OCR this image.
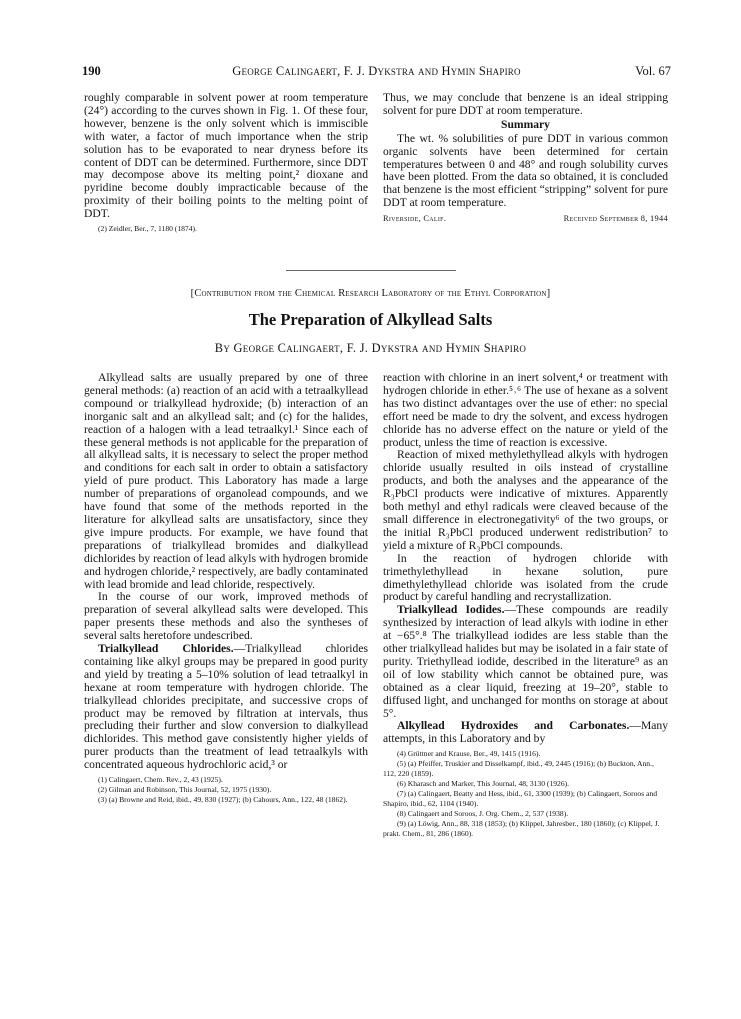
190	George Calingaert, F. J. Dykstra and Hymin Shapiro	Vol. 67

roughly comparable in solvent power at room temperature (24°) according to the curves shown in Fig. 1. Of these four, however, benzene is the only solvent which is immiscible with water, a factor of much importance when the strip solution has to be evaporated to near dryness before its content of DDT can be determined. Furthermore, since DDT may decompose above its melting point,² dioxane and pyridine become doubly impracticable because of the proximity of their boiling points to the melting point of DDT.

(2) Zeidler, Ber., 7, 1180 (1874).

Thus, we may conclude that benzene is an ideal stripping solvent for pure DDT at room temperature.

Summary

The wt. % solubilities of pure DDT in various common organic solvents have been determined for certain temperatures between 0 and 48° and rough solubility curves have been plotted. From the data so obtained, it is concluded that benzene is the most efficient “stripping” solvent for pure DDT at room temperature.

Riverside, Calif.	Received September 8, 1944
[Contribution from the Chemical Research Laboratory of the Ethyl Corporation]
The Preparation of Alkyllead Salts
By George Calingaert, F. J. Dykstra and Hymin Shapiro

Alkyllead salts are usually prepared by one of three general methods: (a) reaction of an acid with a tetraalkyllead compound or trialkyllead hydroxide; (b) interaction of an inorganic salt and an alkyllead salt; and (c) for the halides, reaction of a halogen with a lead tetraalkyl.¹ Since each of these general methods is not applicable for the preparation of all alkyllead salts, it is necessary to select the proper method and conditions for each salt in order to obtain a satisfactory yield of pure product. This Laboratory has made a large number of preparations of organolead compounds, and we have found that some of the methods reported in the literature for alkyllead salts are unsatisfactory, since they give impure products. For example, we have found that preparations of trialkyllead bromides and dialkyllead dichlorides by reaction of lead alkyls with hydrogen bromide and hydrogen chloride,² respectively, are badly contaminated with lead bromide and lead chloride, respectively.

In the course of our work, improved methods of preparation of several alkyllead salts were developed. This paper presents these methods and also the syntheses of several salts heretofore undescribed.

Trialkyllead Chlorides.—Trialkyllead chlorides containing like alkyl groups may be prepared in good purity and yield by treating a 5–10% solution of lead tetraalkyl in hexane at room temperature with hydrogen chloride. The trialkyllead chlorides precipitate, and successive crops of product may be removed by filtration at intervals, thus precluding their further and slow conversion to dialkyllead dichlorides. This method gave consistently higher yields of purer products than the treatment of lead tetraalkyls with concentrated aqueous hydrochloric acid,³ or

(1) Calingaert, Chem. Rev., 2, 43 (1925).

(2) Gilman and Robinson, This Journal, 52, 1975 (1930).

(3) (a) Browne and Reid, ibid., 49, 830 (1927); (b) Cahours, Ann., 122, 48 (1862).

reaction with chlorine in an inert solvent,⁴ or treatment with hydrogen chloride in ether.⁵˒⁶ The use of hexane as a solvent has two distinct advantages over the use of ether: no special effort need be made to dry the solvent, and excess hydrogen chloride has no adverse effect on the nature or yield of the product, unless the time of reaction is excessive.

Reaction of mixed methylethyllead alkyls with hydrogen chloride usually resulted in oils instead of crystalline products, and both the analyses and the appearance of the R₃PbCl products were indicative of mixtures. Apparently both methyl and ethyl radicals were cleaved because of the small difference in electronegativity⁶ of the two groups, or the initial R₃PbCl produced underwent redistribution⁷ to yield a mixture of R₃PbCl compounds.

In the reaction of hydrogen chloride with trimethylethyllead in hexane solution, pure dimethylethyllead chloride was isolated from the crude product by careful handling and recrystallization.

Trialkyllead Iodides.—These compounds are readily synthesized by interaction of lead alkyls with iodine in ether at −65°.⁸ The trialkyllead iodides are less stable than the other trialkyllead halides but may be isolated in a fair state of purity. Triethyllead iodide, described in the literature⁹ as an oil of low stability which cannot be obtained pure, was obtained as a clear liquid, freezing at 19–20°, stable to diffused light, and unchanged for months on storage at about 5°.

Alkyllead Hydroxides and Carbonates.—Many attempts, in this Laboratory and by

(4) Grüttner and Krause, Ber., 49, 1415 (1916).

(5) (a) Pfeiffer, Truskier and Disselkampf, ibid., 49, 2445 (1916); (b) Buckton, Ann., 112, 220 (1859).

(6) Kharasch and Marker, This Journal, 48, 3130 (1926).

(7) (a) Calingaert, Beatty and Hess, ibid., 61, 3300 (1939); (b) Calingaert, Soroos and Shapiro, ibid., 62, 1104 (1940).

(8) Calingaert and Soroos, J. Org. Chem., 2, 537 (1938).

(9) (a) Löwig, Ann., 88, 318 (1853); (b) Klippel, Jahresber., 180 (1860); (c) Klippel, J. prakt. Chem., 81, 286 (1860).
